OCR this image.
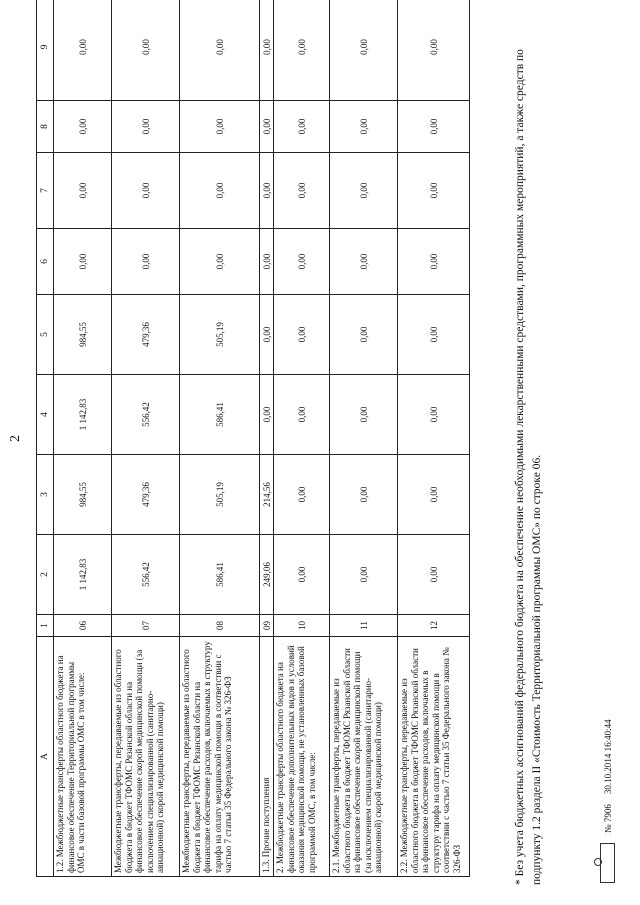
2
A	1	2	3	4	5	6	7	8	9
1.2. Межбюджетные трансферты областного бюджета на финансовое обеспечение Территориальной программы ОМС в части базовой программы ОМС в том числе:	06	1 142,83	984,55	1 142,83	984,55	0,00	0,00	0,00	0,00
Межбюджетные трансферты, передаваемые из областного бюджета в бюджет ТФОМС Рязанской области на финансовое обеспечение скорой медицинской помощи (за исключением специализированной (санитарно-авиационной) скорой медицинской помощи)	07	556,42	479,36	556,42	479,36	0,00	0,00	0,00	0,00
Межбюджетные трансферты, передаваемые из областного бюджета в бюджет ТФОМС Рязанской области на финансовое обеспечение расходов, включаемых в структуру тарифа на оплату медицинской помощи в соответствии с частью 7 статьи 35 Федерального закона № 326-ФЗ	08	586,41	505,19	586,41	505,19	0,00	0,00	0,00	0,00
1.3. Прочие поступления	09	249,06	214,56	0,00	0,00	0,00	0,00	0,00	0,00
2. Межбюджетные трансферты областного бюджета на финансовое обеспечение дополнительных видов и условий оказания медицинской помощи, не установленных базовой программой ОМС, в том числе:	10	0,00	0,00	0,00	0,00	0,00	0,00	0,00	0,00
2.1. Межбюджетные трансферты, передаваемые из областного бюджета в бюджет ТФОМС Рязанской области на финансовое обеспечение скорой медицинской помощи (за исключением специализированной (санитарно-авиационной) скорой медицинской помощи)	11	0,00	0,00	0,00	0,00	0,00	0,00	0,00	0,00
2.2. Межбюджетные трансферты, передаваемые из областного бюджета в бюджет ТФОМС Рязанской области на финансовое обеспечение расходов, включаемых в структуру тарифа на оплату медицинской помощи в соответствии с частью 7 статьи 35 Федерального закона № 326-ФЗ	12	0,00	0,00	0,00	0,00	0,00	0,00	0,00	0,00
* Без учета бюджетных ассигнований федерального бюджета на обеспечение необходимыми лекарственными средствами, программных мероприятий, а также средств по подпункту 1.2 раздела II «Стоимость Территориальной программы ОМС» по строке 06.	№ 7906
30.10.2014 16:40:44
